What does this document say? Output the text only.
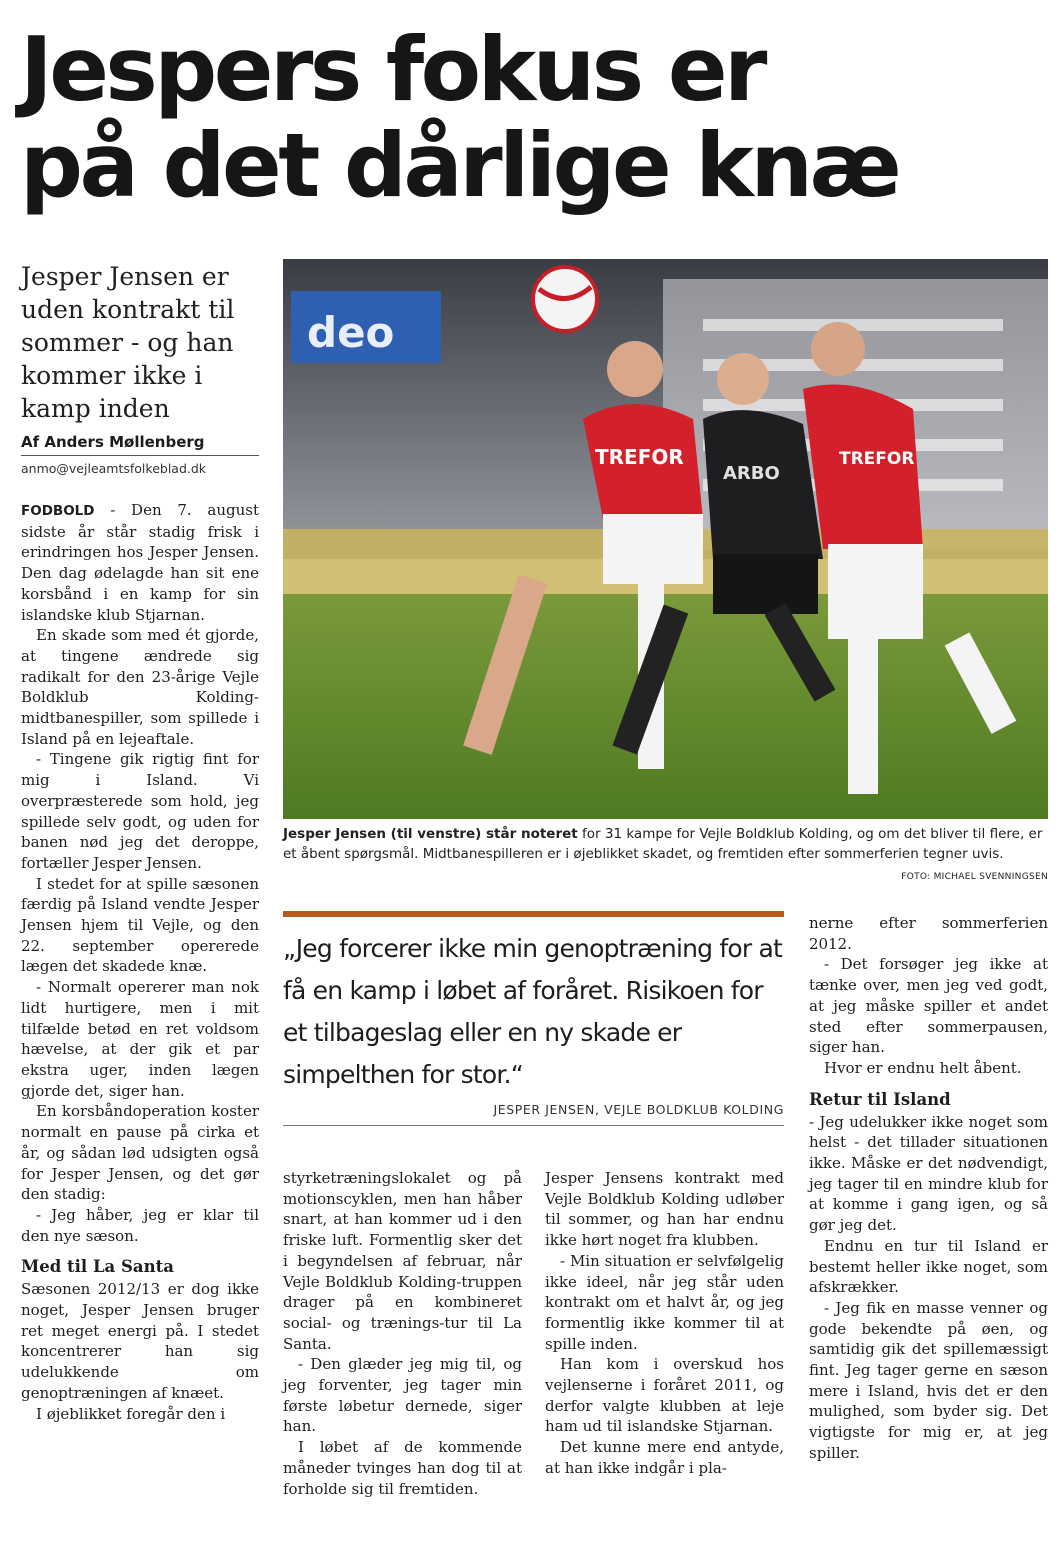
Jespers fokus er
på det dårlige knæ
Jesper Jensen er uden kontrakt til sommer - og han kommer ikke i kamp inden
Af Anders Møllenberg
anmo@vejleamtsfolkeblad.dk
deo
TREFOR
ARBO
TREFOR
Jesper Jensen (til venstre) står noteret for 31 kampe for Vejle Boldklub Kolding, og om det bliver til flere, er et åbent spørgsmål. Midtbanespilleren er i øjeblikket skadet, og fremtiden efter sommerferien tegner uvis.
FOTO: MICHAEL SVENNINGSEN

FODBOLD - Den 7. august sidste år står stadig frisk i erindringen hos Jesper Jensen. Den dag ødelagde han sit ene korsbånd i en kamp for sin islandske klub Stjarnan.

En skade som med ét gjorde, at tingene ændrede sig radikalt for den 23-årige Vejle Boldklub Kolding-midtbanespiller, som spillede i Island på en lejeaftale.

- Tingene gik rigtig fint for mig i Island. Vi overpræsterede som hold, jeg spillede selv godt, og uden for banen nød jeg det deroppe, fortæller Jesper Jensen.

I stedet for at spille sæsonen færdig på Island vendte Jesper Jensen hjem til Vejle, og den 22. september opererede lægen det skadede knæ.

- Normalt opererer man nok lidt hurtigere, men i mit tilfælde betød en ret voldsom hævelse, at der gik et par ekstra uger, inden lægen gjorde det, siger han.

En korsbåndoperation koster normalt en pause på cirka et år, og sådan lød udsigten også for Jesper Jensen, og det gør den stadig:

- Jeg håber, jeg er klar til den nye sæson.

Med til La Santa

Sæsonen 2012/13 er dog ikke noget, Jesper Jensen bruger ret meget energi på. I stedet koncentrerer han sig udelukkende om genoptræningen af knæet.

I øjeblikket foregår den i

„Jeg forcerer ikke min genoptræning for at få en kamp i løbet af foråret. Risikoen for et tilbageslag eller en ny skade er simpelthen for stor.“
JESPER JENSEN, VEJLE BOLDKLUB KOLDING

styrketræningslokalet og på motionscyklen, men han håber snart, at han kommer ud i den friske luft. Formentlig sker det i begyndelsen af februar, når Vejle Boldklub Kolding-truppen drager på en kombineret social- og trænings-tur til La Santa.

- Den glæder jeg mig til, og jeg forventer, jeg tager min første løbetur dernede, siger han.

I løbet af de kommende måneder tvinges han dog til at forholde sig til fremtiden.

Jesper Jensens kontrakt med Vejle Boldklub Kolding udløber til sommer, og han har endnu ikke hørt noget fra klubben.

- Min situation er selvfølgelig ikke ideel, når jeg står uden kontrakt om et halvt år, og jeg formentlig ikke kommer til at spille inden.

Han kom i overskud hos vejlenserne i foråret 2011, og derfor valgte klubben at leje ham ud til islandske Stjarnan.

Det kunne mere end antyde, at han ikke indgår i pla-

nerne efter sommerferien 2012.

- Det forsøger jeg ikke at tænke over, men jeg ved godt, at jeg måske spiller et andet sted efter sommerpausen, siger han.

Hvor er endnu helt åbent.

Retur til Island

- Jeg udelukker ikke noget som helst - det tillader situationen ikke. Måske er det nødvendigt, jeg tager til en mindre klub for at komme i gang igen, og så gør jeg det.

Endnu en tur til Island er bestemt heller ikke noget, som afskrækker.

- Jeg fik en masse venner og gode bekendte på øen, og samtidig gik det spillemæssigt fint. Jeg tager gerne en sæson mere i Island, hvis det er den mulighed, som byder sig. Det vigtigste for mig er, at jeg spiller.
